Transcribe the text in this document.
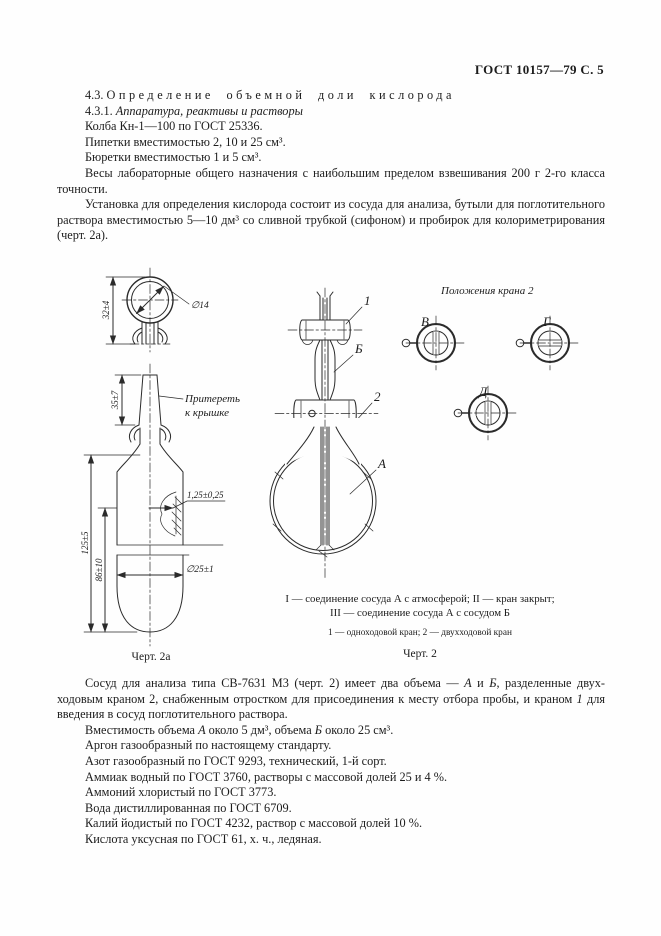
ГОСТ 10157—79 С. 5

4.3. Определение объемной доли кислорода

4.3.1. Аппаратура, реактивы и растворы

Колба Кн-1—100 по ГОСТ 25336.

Пипетки вместимостью 2, 10 и 25 см³.

Бюретки вместимостью 1 и 5 см³.

Весы лабораторные общего назначения с наибольшим пределом взвешивания 200 г 2-го класса точности.

Установка для определения кислорода состоит из сосуда для анализа, бутыли для поглотительного раствора вместимостью 5—10 дм³ со сливной трубкой (сифоном) и пробирок для колориметрирования (черт. 2а).

∅14
32±4
Притереть
к крышке
35±7
1,25±0,25
∅25±1
125±5
86±10
Черт. 2а
1
Б
2
А
Положения крана 2
В	Г
Д
I — соединение сосуда А с атмосферой; II — кран закрыт;
III — соединение сосуда А с сосудом Б
1 — одноходовой кран; 2 — двухходовой кран
Черт. 2

Сосуд для анализа типа СВ-7631 М3 (черт. 2) имеет два объема — А и Б, разделенные двухходовым краном 2, снабженным отростком для присоединения к месту отбора пробы, и краном 1 для введения в сосуд поглотительного раствора.

Вместимость объема А около 5 дм³, объема Б около 25 см³.

Аргон газообразный по настоящему стандарту.

Азот газообразный по ГОСТ 9293, технический, 1-й сорт.

Аммиак водный по ГОСТ 3760, растворы с массовой долей 25 и 4 %.

Аммоний хлористый по ГОСТ 3773.

Вода дистиллированная по ГОСТ 6709.

Калий йодистый по ГОСТ 4232, раствор с массовой долей 10 %.

Кислота уксусная по ГОСТ 61, х. ч., ледяная.
